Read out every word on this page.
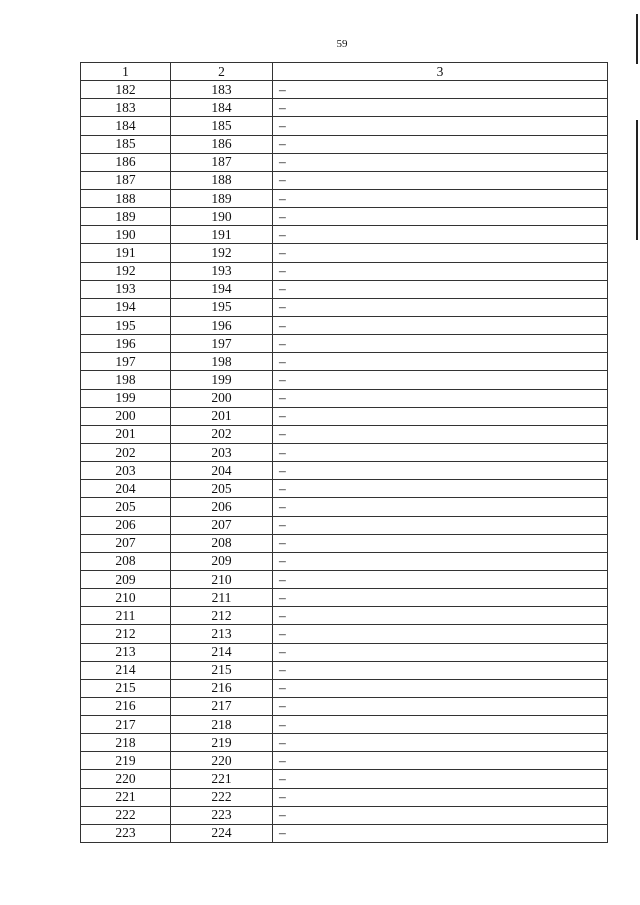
59
1	2	3
182	183	–
183	184	–
184	185	–
185	186	–
186	187	–
187	188	–
188	189	–
189	190	–
190	191	–
191	192	–
192	193	–
193	194	–
194	195	–
195	196	–
196	197	–
197	198	–
198	199	–
199	200	–
200	201	–
201	202	–
202	203	–
203	204	–
204	205	–
205	206	–
206	207	–
207	208	–
208	209	–
209	210	–
210	211	–
211	212	–
212	213	–
213	214	–
214	215	–
215	216	–
216	217	–
217	218	–
218	219	–
219	220	–
220	221	–
221	222	–
222	223	–
223	224	–
